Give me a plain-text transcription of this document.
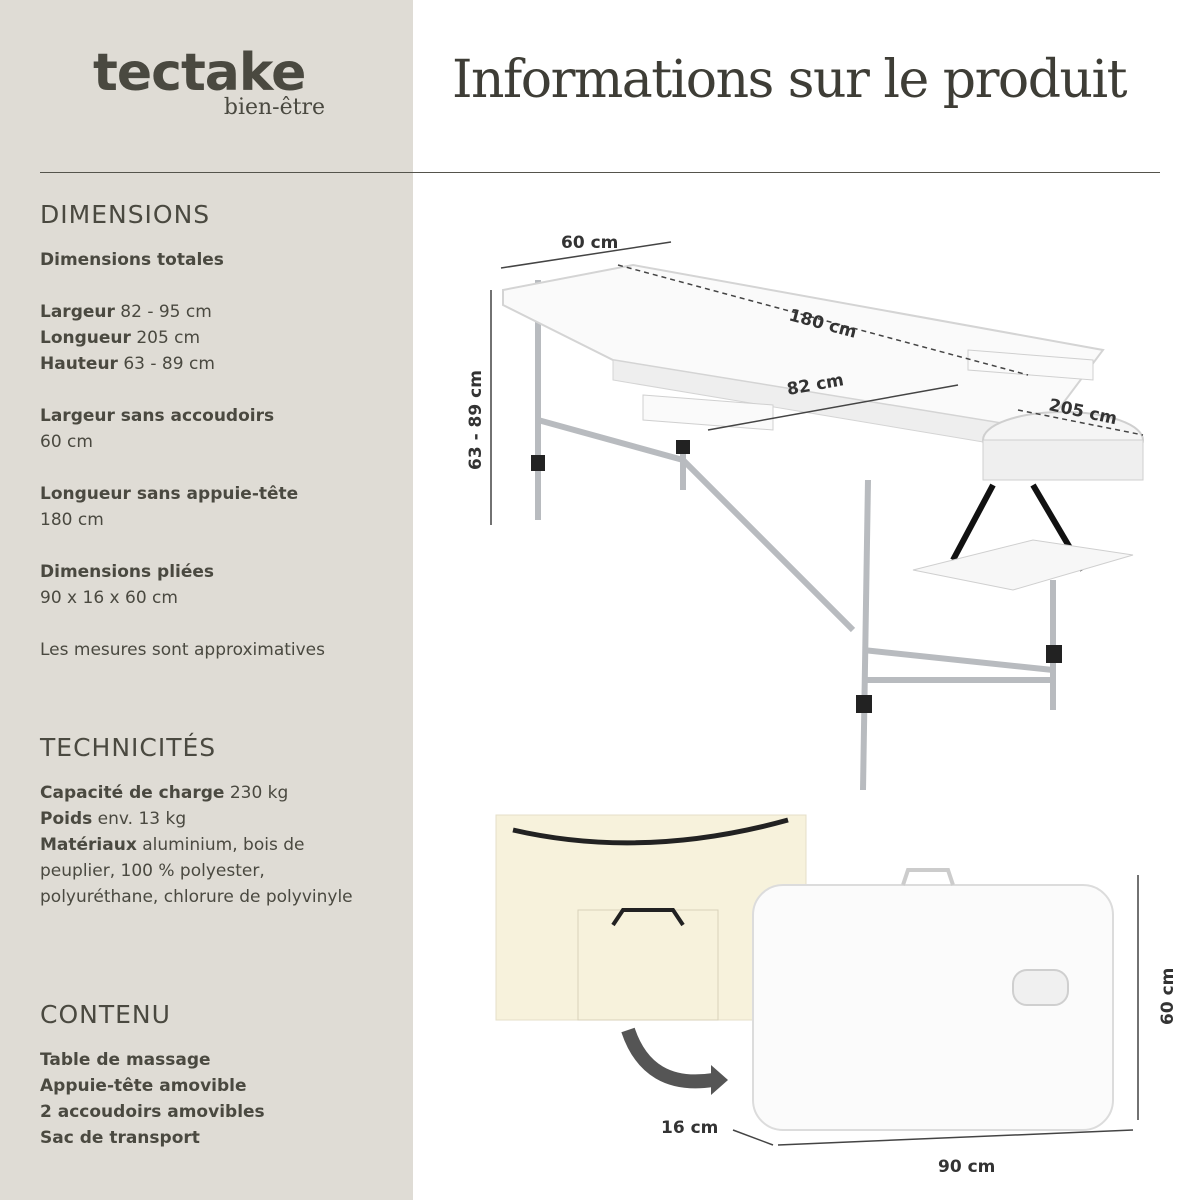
tectake
bien-être Informations sur le produit
DIMENSIONS
Dimensions totales
Largeur 82 - 95 cm
Longueur 205 cm
Hauteur 63 - 89 cm
Largeur sans accoudoirs
60 cm
Longueur sans appuie-tête
180 cm
Dimensions pliées
90 x 16 x 60 cm
Les mesures sont approximatives
TECHNICITÉS
Capacité de charge 230 kg
Poids env. 13 kg
Matériaux aluminium, bois de peuplier, 100 % polyester, polyuréthane, chlorure de polyvinyle
CONTENU
Table de massage
Appuie-tête amovible
2 accoudoirs amovibles
Sac de transport
60 cm
180 cm
82 cm
205 cm
63 - 89 cm
60 cm
16 cm
90 cm
